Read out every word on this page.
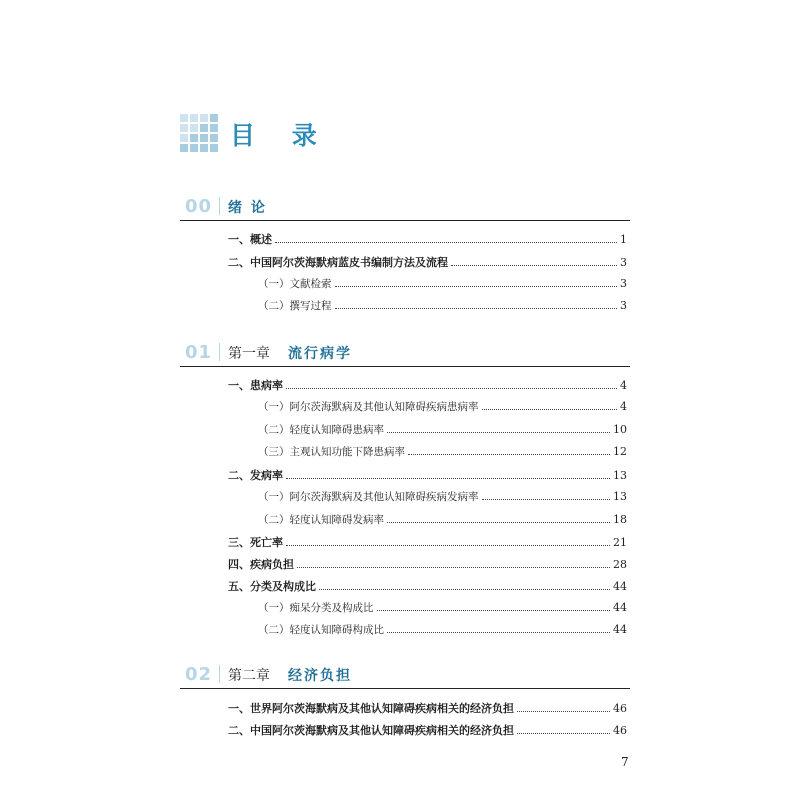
目 录
00 绪 论
一、概述	1
二、中国阿尔茨海默病蓝皮书编制方法及流程	3
（一）文献检索	3
（二）撰写过程	3
01 第一章 流行病学
一、患病率	4
（一）阿尔茨海默病及其他认知障碍疾病患病率	4
（二）轻度认知障碍患病率	10
（三）主观认知功能下降患病率	12
二、发病率	13
（一）阿尔茨海默病及其他认知障碍疾病发病率	13
（二）轻度认知障碍发病率	18
三、死亡率	21
四、疾病负担	28
五、分类及构成比	44
（一）痴呆分类及构成比	44
（二）轻度认知障碍构成比	44
02 第二章 经济负担
一、世界阿尔茨海默病及其他认知障碍疾病相关的经济负担	46
二、中国阿尔茨海默病及其他认知障碍疾病相关的经济负担	46
7
